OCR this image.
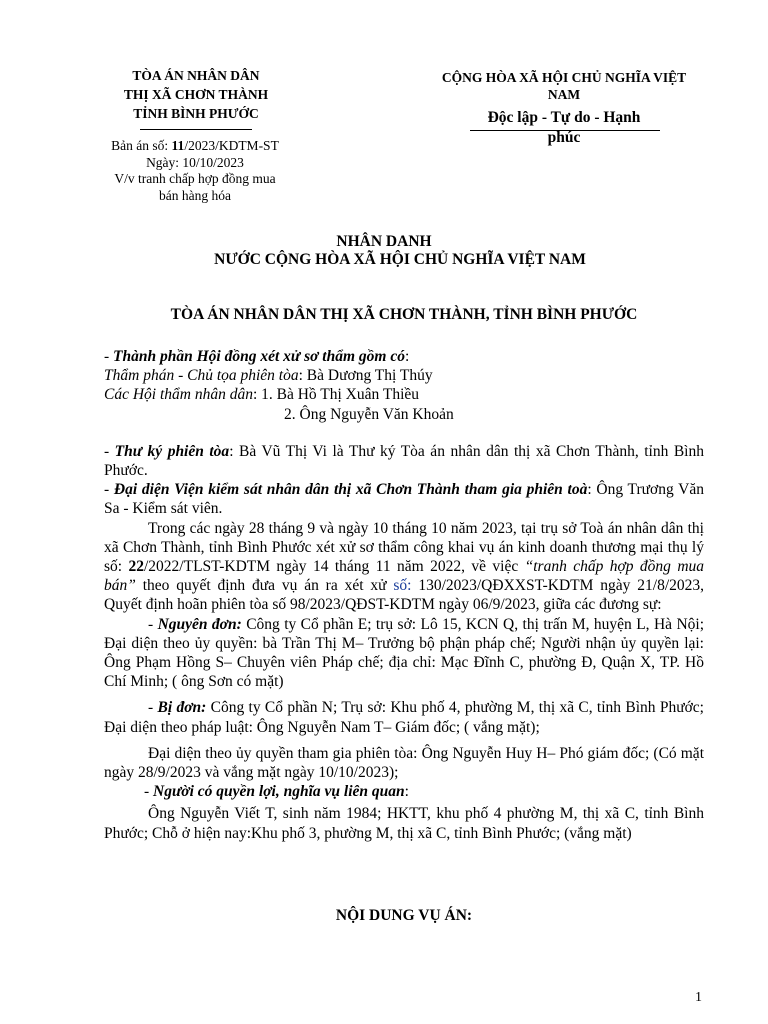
TÒA ÁN NHÂN DÂN
THỊ XÃ CHƠN THÀNH
TỈNH BÌNH PHƯỚC
Bản án số: 11/2023/KDTM-ST
Ngày: 10/10/2023
V/v tranh chấp hợp đồng mua
bán hàng hóa
CỘNG HÒA XÃ HỘI CHỦ NGHĨA VIỆT
NAM
Độc lập - Tự do - Hạnh
phúc
NHÂN DANH
NƯỚC CỘNG HÒA XÃ HỘI CHỦ NGHĨA VIỆT NAM
TÒA ÁN NHÂN DÂN THỊ XÃ CHƠN THÀNH, TỈNH BÌNH PHƯỚC

- Thành phần Hội đồng xét xử sơ thẩm gồm có:

Thẩm phán - Chủ tọa phiên tòa: Bà Dương Thị Thúy

Các Hội thẩm nhân dân: 1. Bà Hồ Thị Xuân Thiều

2. Ông Nguyễn Văn Khoản

- Thư ký phiên tòa: Bà Vũ Thị Vi là Thư ký Tòa án nhân dân thị xã Chơn Thành, tỉnh Bình Phước.

- Đại diện Viện kiểm sát nhân dân thị xã Chơn Thành tham gia phiên toà: Ông Trương Văn Sa - Kiểm sát viên.

Trong các ngày 28 tháng 9 và ngày 10 tháng 10 năm 2023, tại trụ sở Toà án nhân dân thị xã Chơn Thành, tỉnh Bình Phước xét xử sơ thẩm công khai vụ án kinh doanh thương mại thụ lý số: 22/2022/TLST-KDTM ngày 14 tháng 11 năm 2022, về việc “tranh chấp hợp đồng mua bán” theo quyết định đưa vụ án ra xét xử số: 130/2023/QĐXXST-KDTM ngày 21/8/2023, Quyết định hoãn phiên tòa số 98/2023/QĐST-KDTM ngày 06/9/2023, giữa các đương sự:

- Nguyên đơn: Công ty Cổ phần E; trụ sở: Lô 15, KCN Q, thị trấn M, huyện L, Hà Nội; Đại diện theo ủy quyền: bà Trần Thị M– Trưởng bộ phận pháp chế; Người nhận ủy quyền lại: Ông Phạm Hồng S– Chuyên viên Pháp chế; địa chỉ: Mạc Đĩnh C, phường Đ, Quận X, TP. Hồ Chí Minh; ( ông Sơn có mặt)

- Bị đơn: Công ty Cổ phần N; Trụ sở: Khu phố 4, phường M, thị xã C, tỉnh Bình Phước; Đại diện theo pháp luật: Ông Nguyễn Nam T– Giám đốc; ( vắng mặt);

Đại diện theo ủy quyền tham gia phiên tòa: Ông Nguyễn Huy H– Phó giám đốc; (Có mặt ngày 28/9/2023 và vắng mặt ngày 10/10/2023);

- Người có quyền lợi, nghĩa vụ liên quan:

Ông Nguyễn Viết T, sinh năm 1984; HKTT, khu phố 4 phường M, thị xã C, tỉnh Bình Phước; Chỗ ở hiện nay:Khu phố 3, phường M, thị xã C, tỉnh Bình Phước; (vắng mặt)

NỘI DUNG VỤ ÁN:
1
